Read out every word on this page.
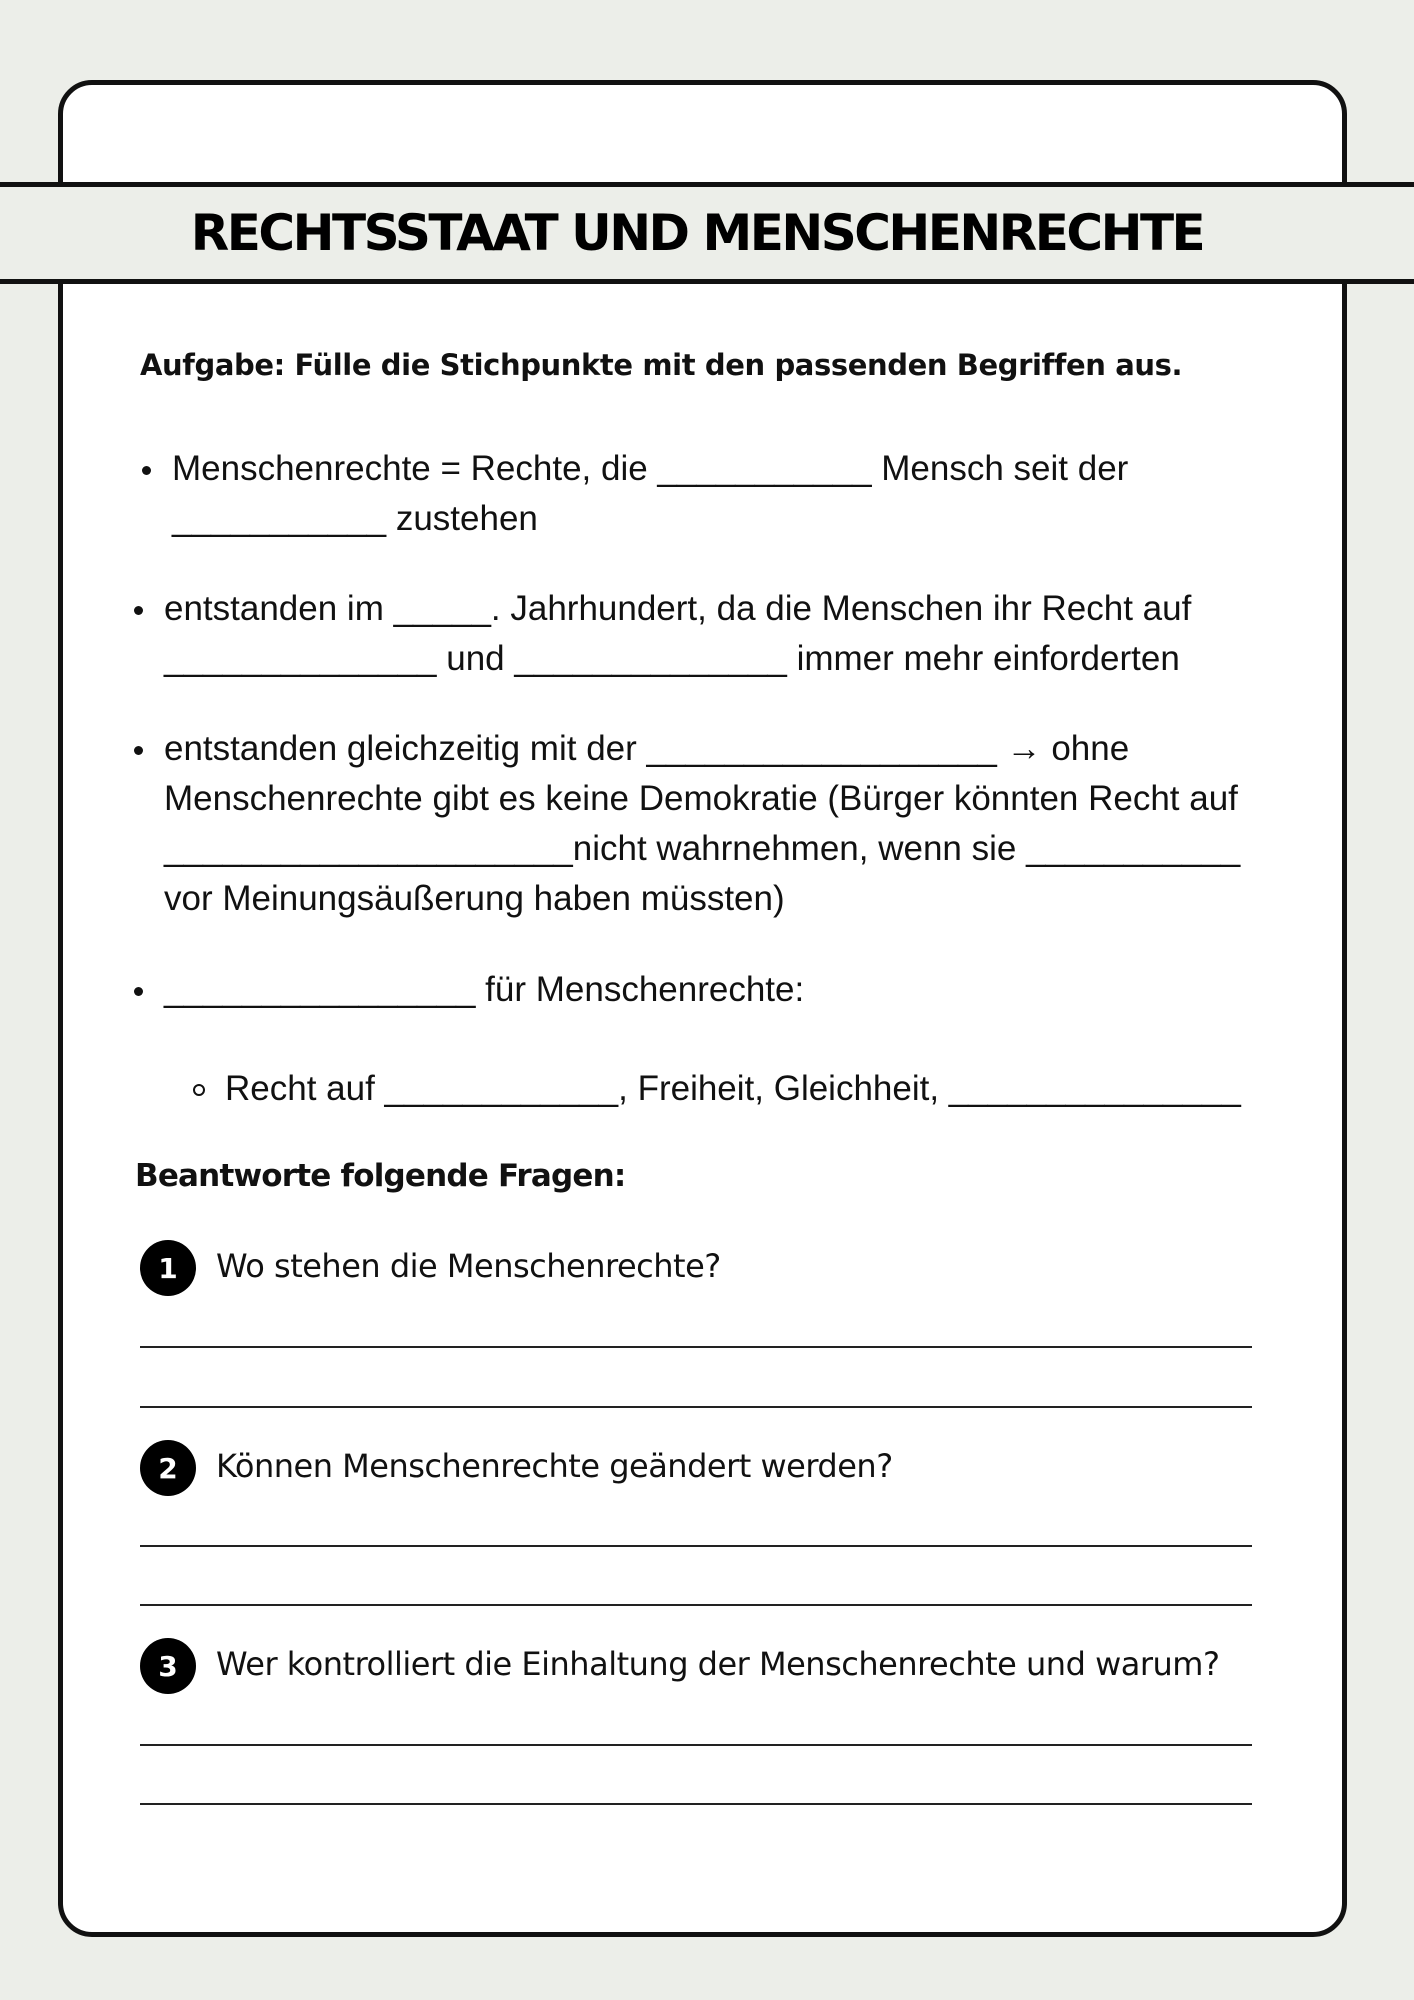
RECHTSSTAAT UND MENSCHENRECHTE

Aufgabe: Fülle die Stichpunkte mit den passenden Begriffen aus.

Menschenrechte = Rechte, die ___________ Mensch seit der
___________ zustehen
entstanden im _____. Jahrhundert, da die Menschen ihr Recht auf
______________ und ______________ immer mehr einforderten
entstanden gleichzeitig mit der __________________ → ohne
Menschenrechte gibt es keine Demokratie (Bürger könnten Recht auf
_____________________nicht wahrnehmen, wenn sie ___________
vor Meinungsäußerung haben müssten)
________________ für Menschenrechte:
Recht auf ____________, Freiheit, Gleichheit, _______________
Beantworte folgende Fragen:
1	Wo stehen die Menschenrechte?
2	Können Menschenrechte geändert werden?
3	Wer kontrolliert die Einhaltung der Menschenrechte und warum?
